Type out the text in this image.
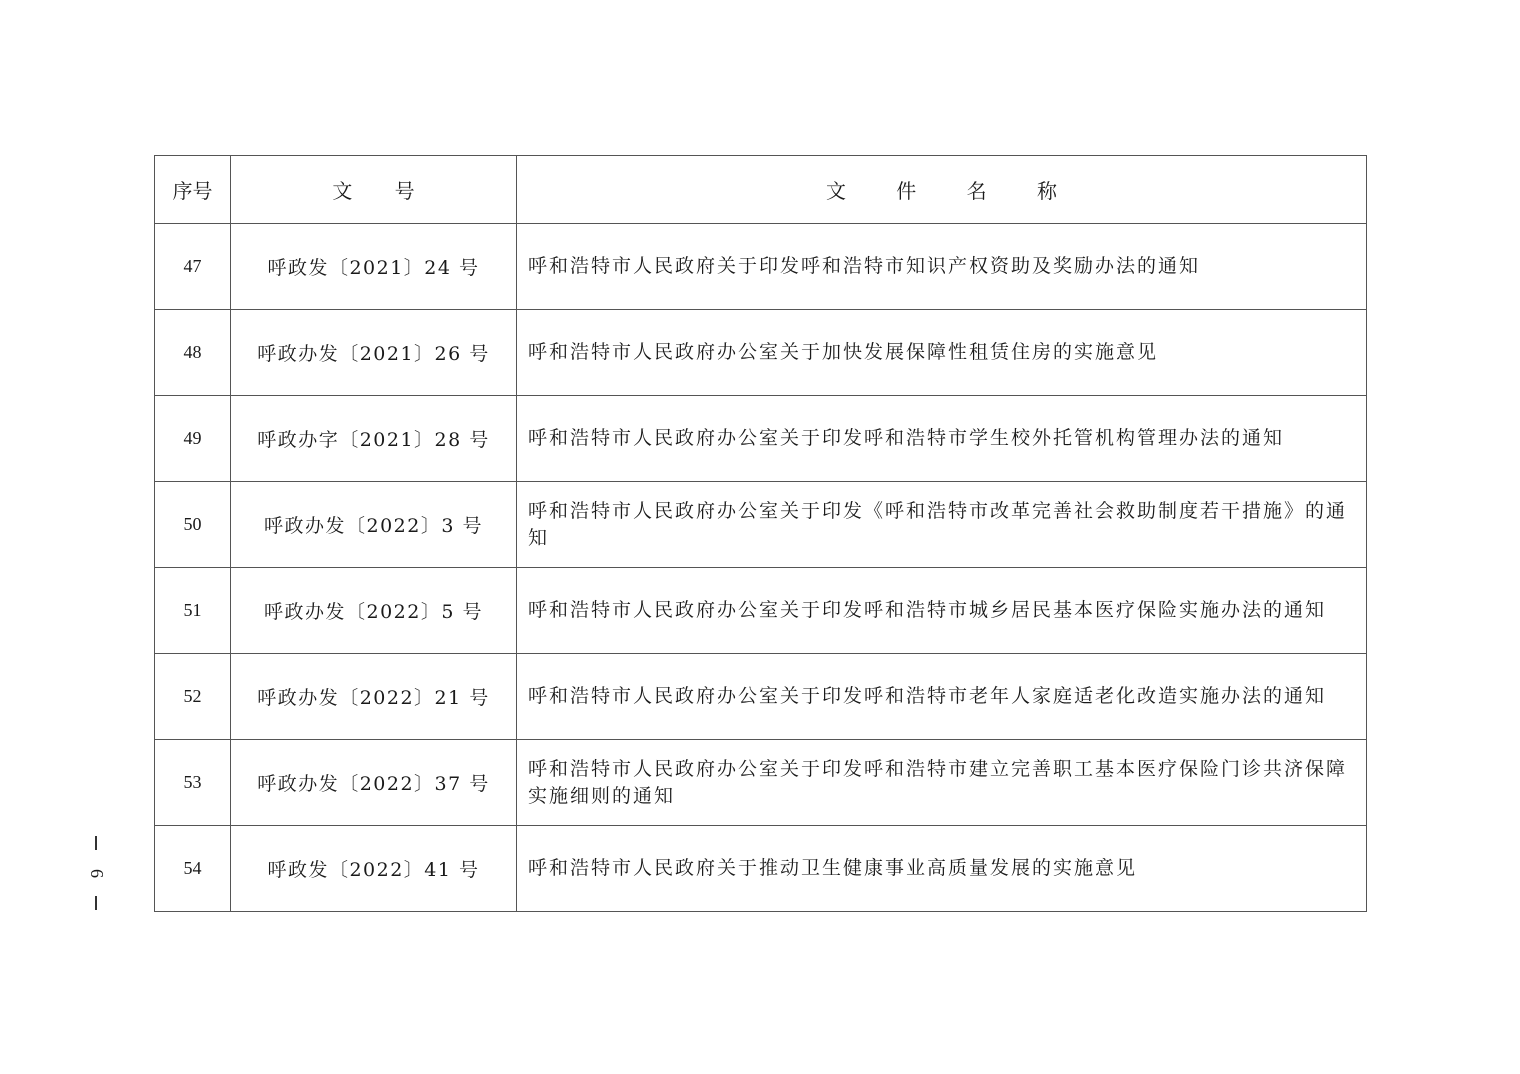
序号	文 号	文 件 名 称
47	呼政发〔2021〕24 号	呼和浩特市人民政府关于印发呼和浩特市知识产权资助及奖励办法的通知
48	呼政办发〔2021〕26 号	呼和浩特市人民政府办公室关于加快发展保障性租赁住房的实施意见
49	呼政办字〔2021〕28 号	呼和浩特市人民政府办公室关于印发呼和浩特市学生校外托管机构管理办法的通知
50	呼政办发〔2022〕3 号	呼和浩特市人民政府办公室关于印发《呼和浩特市改革完善社会救助制度若干措施》的通知
51	呼政办发〔2022〕5 号	呼和浩特市人民政府办公室关于印发呼和浩特市城乡居民基本医疗保险实施办法的通知
52	呼政办发〔2022〕21 号	呼和浩特市人民政府办公室关于印发呼和浩特市老年人家庭适老化改造实施办法的通知
53	呼政办发〔2022〕37 号	呼和浩特市人民政府办公室关于印发呼和浩特市建立完善职工基本医疗保险门诊共济保障实施细则的通知
54	呼政发〔2022〕41 号	呼和浩特市人民政府关于推动卫生健康事业高质量发展的实施意见
6
